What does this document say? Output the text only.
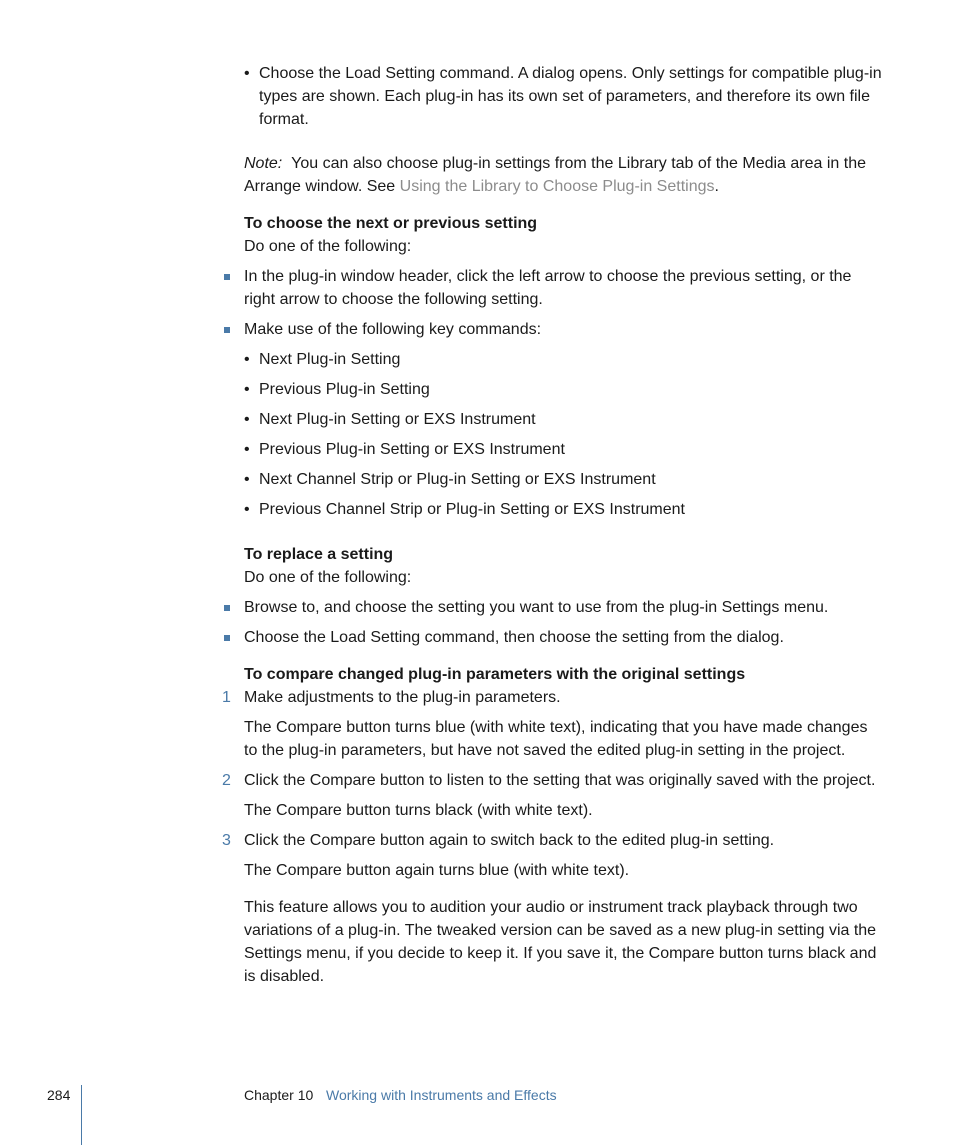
• Choose the Load Setting command. A dialog opens. Only settings for compatible plug-in types are shown. Each plug-in has its own set of parameters, and therefore its own file format.

Note: You can also choose plug-in settings from the Library tab of the Media area in the Arrange window. See Using the Library to Choose Plug-in Settings.

To choose the next or previous setting
Do one of the following:
In the plug-in window header, click the left arrow to choose the previous setting, or the right arrow to choose the following setting.
Make use of the following key commands:
• Next Plug-in Setting
• Previous Plug-in Setting
• Next Plug-in Setting or EXS Instrument
• Previous Plug-in Setting or EXS Instrument
• Next Channel Strip or Plug-in Setting or EXS Instrument
• Previous Channel Strip or Plug-in Setting or EXS Instrument
To replace a setting
Do one of the following:
Browse to, and choose the setting you want to use from the plug-in Settings menu.
Choose the Load Setting command, then choose the setting from the dialog.
To compare changed plug-in parameters with the original settings
1 Make adjustments to the plug-in parameters.
The Compare button turns blue (with white text), indicating that you have made changes to the plug-in parameters, but have not saved the edited plug-in setting in the project.
2 Click the Compare button to listen to the setting that was originally saved with the project.
The Compare button turns black (with white text).
3 Click the Compare button again to switch back to the edited plug-in setting.
The Compare button again turns blue (with white text).
This feature allows you to audition your audio or instrument track playback through two variations of a plug-in. The tweaked version can be saved as a new plug-in setting via the Settings menu, if you decide to keep it. If you save it, the Compare button turns black and is disabled.
284	Chapter 10 Working with Instruments and Effects
